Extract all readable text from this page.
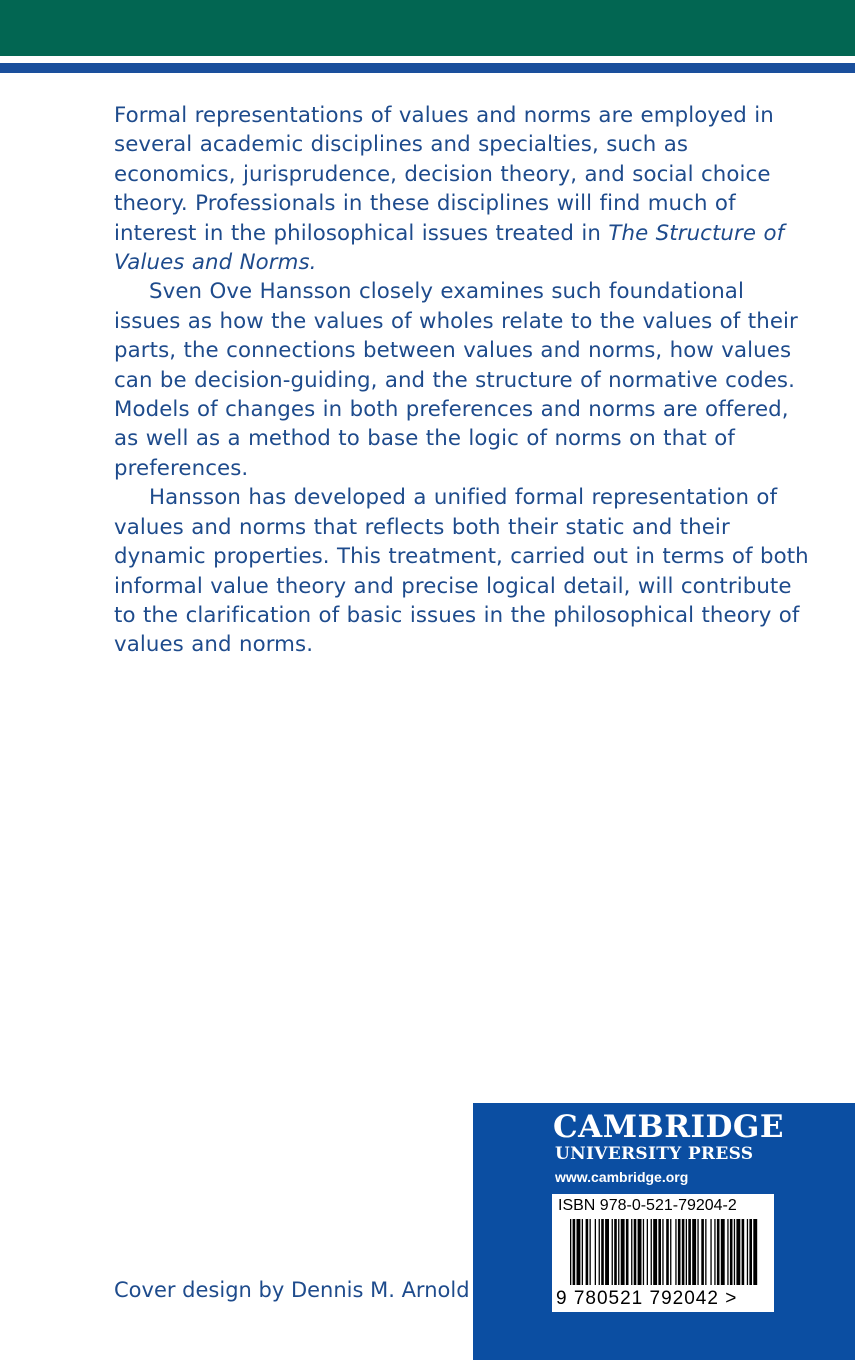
Formal representations of values and norms are employed in

several academic disciplines and specialties, such as

economics, jurisprudence, decision theory, and social choice

theory. Professionals in these disciplines will find much of

interest in the philosophical issues treated in The Structure of

Values and Norms.

Sven Ove Hansson closely examines such foundational

issues as how the values of wholes relate to the values of their

parts, the connections between values and norms, how values

can be decision-guiding, and the structure of normative codes.

Models of changes in both preferences and norms are offered,

as well as a method to base the logic of norms on that of

preferences.

Hansson has developed a unified formal representation of

values and norms that reflects both their static and their

dynamic properties. This treatment, carried out in terms of both

informal value theory and precise logical detail, will contribute

to the clarification of basic issues in the philosophical theory of

values and norms.

Cover design by Dennis M. Arnold
CAMBRIDGE
UNIVERSITY PRESS
www.cambridge.org
ISBN 978-0-521-79204-2
9 780521 792042 >
